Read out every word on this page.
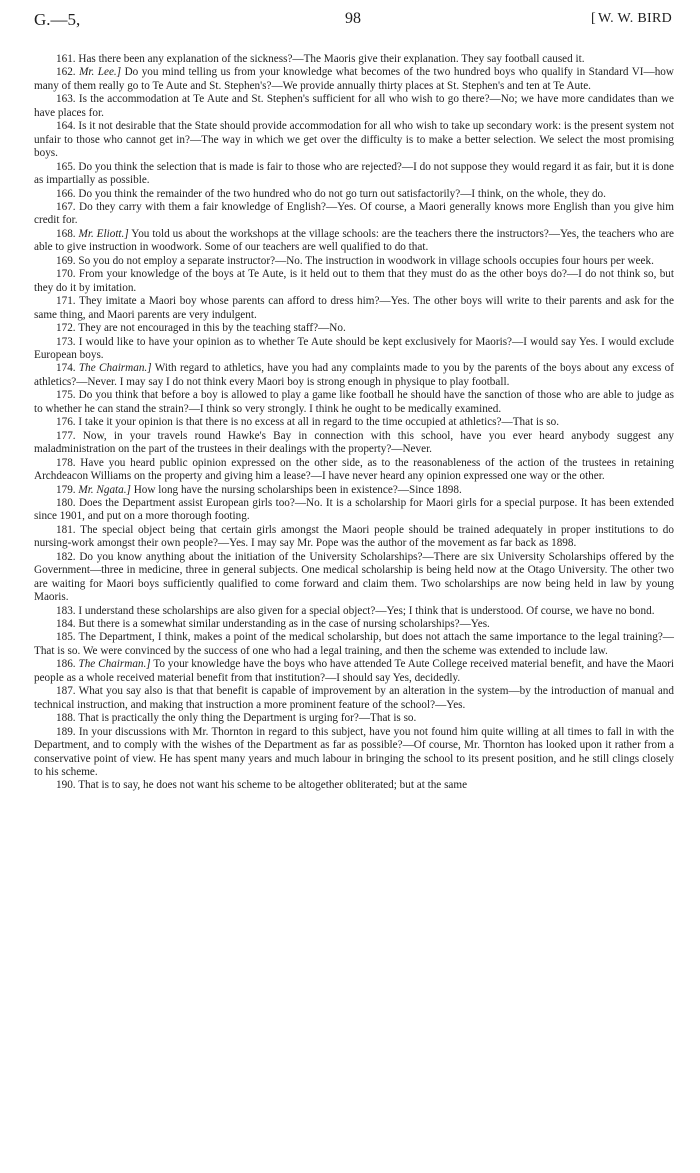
G.—5,	98
[	W. W. BIRD

161. Has there been any explanation of the sickness?—The Maoris give their explanation. They say football caused it.

162. Mr. Lee.] Do you mind telling us from your knowledge what becomes of the two hundred boys who qualify in Standard VI—how many of them really go to Te Aute and St. Stephen's?—We provide annually thirty places at St. Stephen's and ten at Te Aute.

163. Is the accommodation at Te Aute and St. Stephen's sufficient for all who wish to go there?—No; we have more candidates than we have places for.

164. Is it not desirable that the State should provide accommodation for all who wish to take up secondary work: is the present system not unfair to those who cannot get in?—The way in which we get over the difficulty is to make a better selection. We select the most promising boys.

165. Do you think the selection that is made is fair to those who are rejected?—I do not suppose they would regard it as fair, but it is done as impartially as possible.

166. Do you think the remainder of the two hundred who do not go turn out satisfactorily?—I think, on the whole, they do.

167. Do they carry with them a fair knowledge of English?—Yes. Of course, a Maori generally knows more English than you give him credit for.

168. Mr. Eliott.] You told us about the workshops at the village schools: are the teachers there the instructors?—Yes, the teachers who are able to give instruction in woodwork. Some of our teachers are well qualified to do that.

169. So you do not employ a separate instructor?—No. The instruction in woodwork in village schools occupies four hours per week.

170. From your knowledge of the boys at Te Aute, is it held out to them that they must do as the other boys do?—I do not think so, but they do it by imitation.

171. They imitate a Maori boy whose parents can afford to dress him?—Yes. The other boys will write to their parents and ask for the same thing, and Maori parents are very indulgent.

172. They are not encouraged in this by the teaching staff?—No.

173. I would like to have your opinion as to whether Te Aute should be kept exclusively for Maoris?—I would say Yes. I would exclude European boys.

174. The Chairman.] With regard to athletics, have you had any complaints made to you by the parents of the boys about any excess of athletics?—Never. I may say I do not think every Maori boy is strong enough in physique to play football.

175. Do you think that before a boy is allowed to play a game like football he should have the sanction of those who are able to judge as to whether he can stand the strain?—I think so very strongly. I think he ought to be medically examined.

176. I take it your opinion is that there is no excess at all in regard to the time occupied at athletics?—That is so.

177. Now, in your travels round Hawke's Bay in connection with this school, have you ever heard anybody suggest any maladministration on the part of the trustees in their dealings with the property?—Never.

178. Have you heard public opinion expressed on the other side, as to the reasonableness of the action of the trustees in retaining Archdeacon Williams on the property and giving him a lease?—I have never heard any opinion expressed one way or the other.

179. Mr. Ngata.] How long have the nursing scholarships been in existence?—Since 1898.

180. Does the Department assist European girls too?—No. It is a scholarship for Maori girls for a special purpose. It has been extended since 1901, and put on a more thorough footing.

181. The special object being that certain girls amongst the Maori people should be trained adequately in proper institutions to do nursing-work amongst their own people?—Yes. I may say Mr. Pope was the author of the movement as far back as 1898.

182. Do you know anything about the initiation of the University Scholarships?—There are six University Scholarships offered by the Government—three in medicine, three in general subjects. One medical scholarship is being held now at the Otago University. The other two are waiting for Maori boys sufficiently qualified to come forward and claim them. Two scholarships are now being held in law by young Maoris.

183. I understand these scholarships are also given for a special object?—Yes; I think that is understood. Of course, we have no bond.

184. But there is a somewhat similar understanding as in the case of nursing scholarships?—Yes.

185. The Department, I think, makes a point of the medical scholarship, but does not attach the same importance to the legal training?—That is so. We were convinced by the success of one who had a legal training, and then the scheme was extended to include law.

186. The Chairman.] To your knowledge have the boys who have attended Te Aute College received material benefit, and have the Maori people as a whole received material benefit from that institution?—I should say Yes, decidedly.

187. What you say also is that that benefit is capable of improvement by an alteration in the system—by the introduction of manual and technical instruction, and making that instruction a more prominent feature of the school?—Yes.

188. That is practically the only thing the Department is urging for?—That is so.

189. In your discussions with Mr. Thornton in regard to this subject, have you not found him quite willing at all times to fall in with the Department, and to comply with the wishes of the Department as far as possible?—Of course, Mr. Thornton has looked upon it rather from a conservative point of view. He has spent many years and much labour in bringing the school to its present position, and he still clings closely to his scheme.

190. That is to say, he does not want his scheme to be altogether obliterated; but at the same
